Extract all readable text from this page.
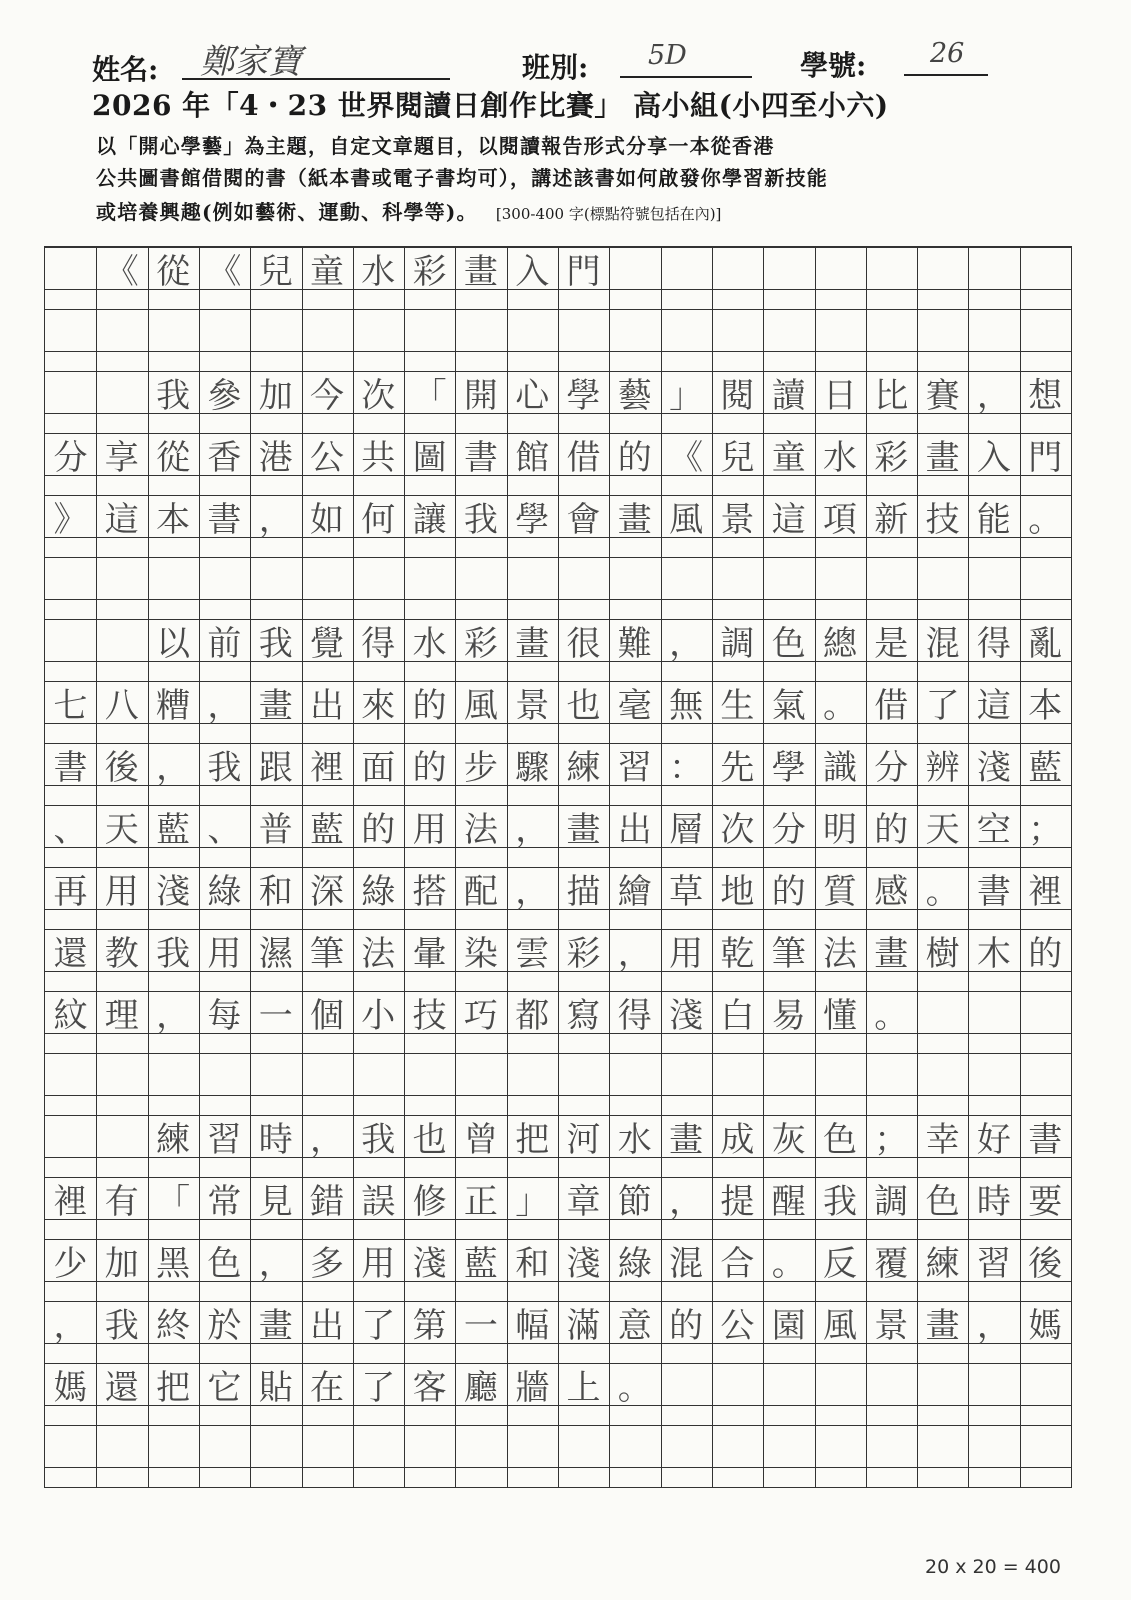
姓名: 鄭家寶	班別: 5D	學號: 26
2026 年「4・23 世界閱讀日創作比賽」 高小組(小四至小六)
以「開心學藝」為主題，自定文章題目，以閱讀報告形式分享一本從香港
公共圖書館借閱的書（紙本書或電子書均可），講述該書如何啟發你學習新技能
或培養興趣(例如藝術、運動、科學等)。 [300-400 字(標點符號包括在內)]
《 從 《 兒 童 水 彩 畫 入 門
我 參 加 今 次 「 開 心 學 藝 」 閱 讀 日 比 賽 ， 想
分 享 從 香 港 公 共 圖 書 館 借 的 《 兒 童 水 彩 畫 入 門
》 這 本 書 ， 如 何 讓 我 學 會 畫 風 景 這 項 新 技 能 。
以 前 我 覺 得 水 彩 畫 很 難 ， 調 色 總 是 混 得 亂
七 八 糟 ， 畫 出 來 的 風 景 也 毫 無 生 氣 。 借 了 這 本
書 後 ， 我 跟 裡 面 的 步 驟 練 習 ： 先 學 識 分 辨 淺 藍
、 天 藍 、 普 藍 的 用 法 ， 畫 出 層 次 分 明 的 天 空 ；
再 用 淺 綠 和 深 綠 搭 配 ， 描 繪 草 地 的 質 感 。 書 裡
還 教 我 用 濕 筆 法 暈 染 雲 彩 ， 用 乾 筆 法 畫 樹 木 的
紋 理 ， 每 一 個 小 技 巧 都 寫 得 淺 白 易 懂 。
練 習 時 ， 我 也 曾 把 河 水 畫 成 灰 色 ； 幸 好 書
裡 有 「 常 見 錯 誤 修 正 」 章 節 ， 提 醒 我 調 色 時 要
少 加 黑 色 ， 多 用 淺 藍 和 淺 綠 混 合 。 反 覆 練 習 後
， 我 終 於 畫 出 了 第 一 幅 滿 意 的 公 園 風 景 畫 ， 媽
媽 還 把 它 貼 在 了 客 廳 牆 上 。
20 x 20 = 400
